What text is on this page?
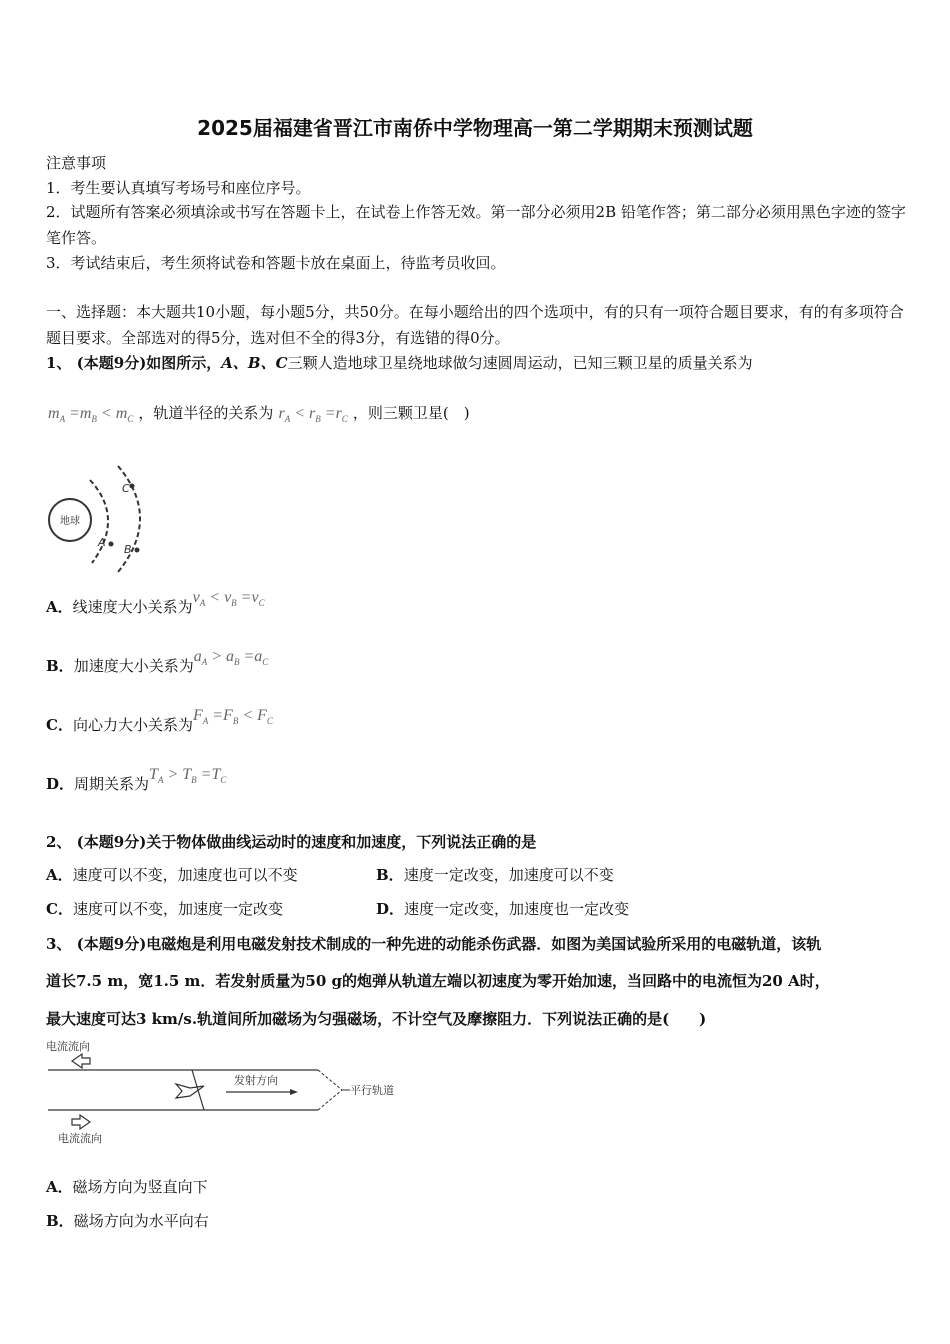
2025届福建省晋江市南侨中学物理高一第二学期期末预测试题
注意事项
1．考生要认真填写考场号和座位序号。
2．试题所有答案必须填涂或书写在答题卡上，在试卷上作答无效。第一部分必须用2B 铅笔作答；第二部分必须用黑色字迹的签字笔作答。
3．考试结束后，考生须将试卷和答题卡放在桌面上，待监考员收回。
一、选择题：本大题共10小题，每小题5分，共50分。在每小题给出的四个选项中，有的只有一项符合题目要求，有的有多项符合题目要求。全部选对的得5分，选对但不全的得3分，有选错的得0分。
1、 (本题9分)如图所示，A、B、C三颗人造地球卫星绕地球做匀速圆周运动，已知三颗卫星的质量关系为
$m_A =m_B < m_C$ ，轨道半径的关系为 $r_A < r_B =r_C$ ，则三颗卫星(　)
地球
C
A
B
A．线速度大小关系为$v_A < v_B =v_C$
B．加速度大小关系为$a_A > a_B =a_C$
C．向心力大小关系为$F_A =F_B < F_C$
D．周期关系为$T_A > T_B =T_C$
2、 (本题9分)关于物体做曲线运动时的速度和加速度，下列说法正确的是
A．速度可以不变，加速度也可以不变	B．速度一定改变，加速度可以不变
C．速度可以不变，加速度一定改变	D．速度一定改变，加速度也一定改变
3、 (本题9分)电磁炮是利用电磁发射技术制成的一种先进的动能杀伤武器．如图为美国试验所采用的电磁轨道，该轨
道长7.5 m，宽1.5 m．若发射质量为50 g的炮弹从轨道左端以初速度为零开始加速，当回路中的电流恒为20 A时，
最大速度可达3 km/s.轨道间所加磁场为匀强磁场，不计空气及摩擦阻力．下列说法正确的是(　　)
电流流向
电流流向
平行轨道
发射方向
A．磁场方向为竖直向下
B．磁场方向为水平向右
